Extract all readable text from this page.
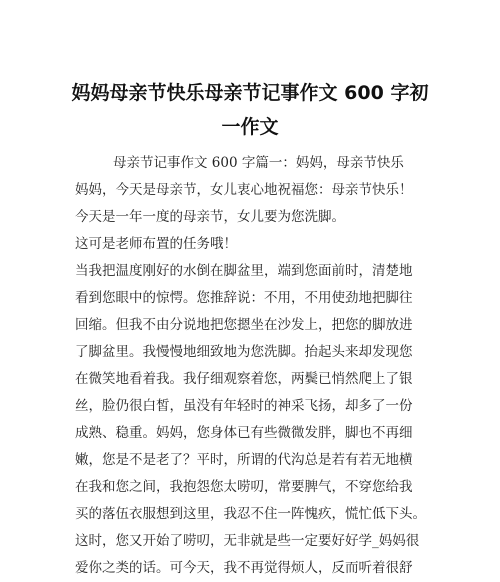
妈妈母亲节快乐母亲节记事作文 600 字初
一作文
母亲节记事作文 600 字篇一：妈妈，母亲节快乐
妈妈，今天是母亲节，女儿衷心地祝福您：母亲节快乐！
今天是一年一度的母亲节，女儿要为您洗脚。
这可是老师布置的任务哦！
当我把温度刚好的水倒在脚盆里，端到您面前时，清楚地
看到您眼中的惊愕。您推辞说：不用，不用使劲地把脚往
回缩。但我不由分说地把您摁坐在沙发上，把您的脚放进
了脚盆里。我慢慢地细致地为您洗脚。抬起头来却发现您
在微笑地看着我。我仔细观察着您，两鬓已悄然爬上了银
丝，脸仍很白皙，虽没有年轻时的神采飞扬，却多了一份
成熟、稳重。妈妈，您身体已有些微微发胖，脚也不再细
嫩，您是不是老了？平时，所谓的代沟总是若有若无地横
在我和您之间，我抱怨您太唠叨，常要脾气，不穿您给我
买的落伍衣服想到这里，我忍不住一阵愧疚，慌忙低下头。
这时，您又开始了唠叨，无非就是些一定要好好学_妈妈很
爱你之类的话。可今天，我不再觉得烦人，反而听着很舒
